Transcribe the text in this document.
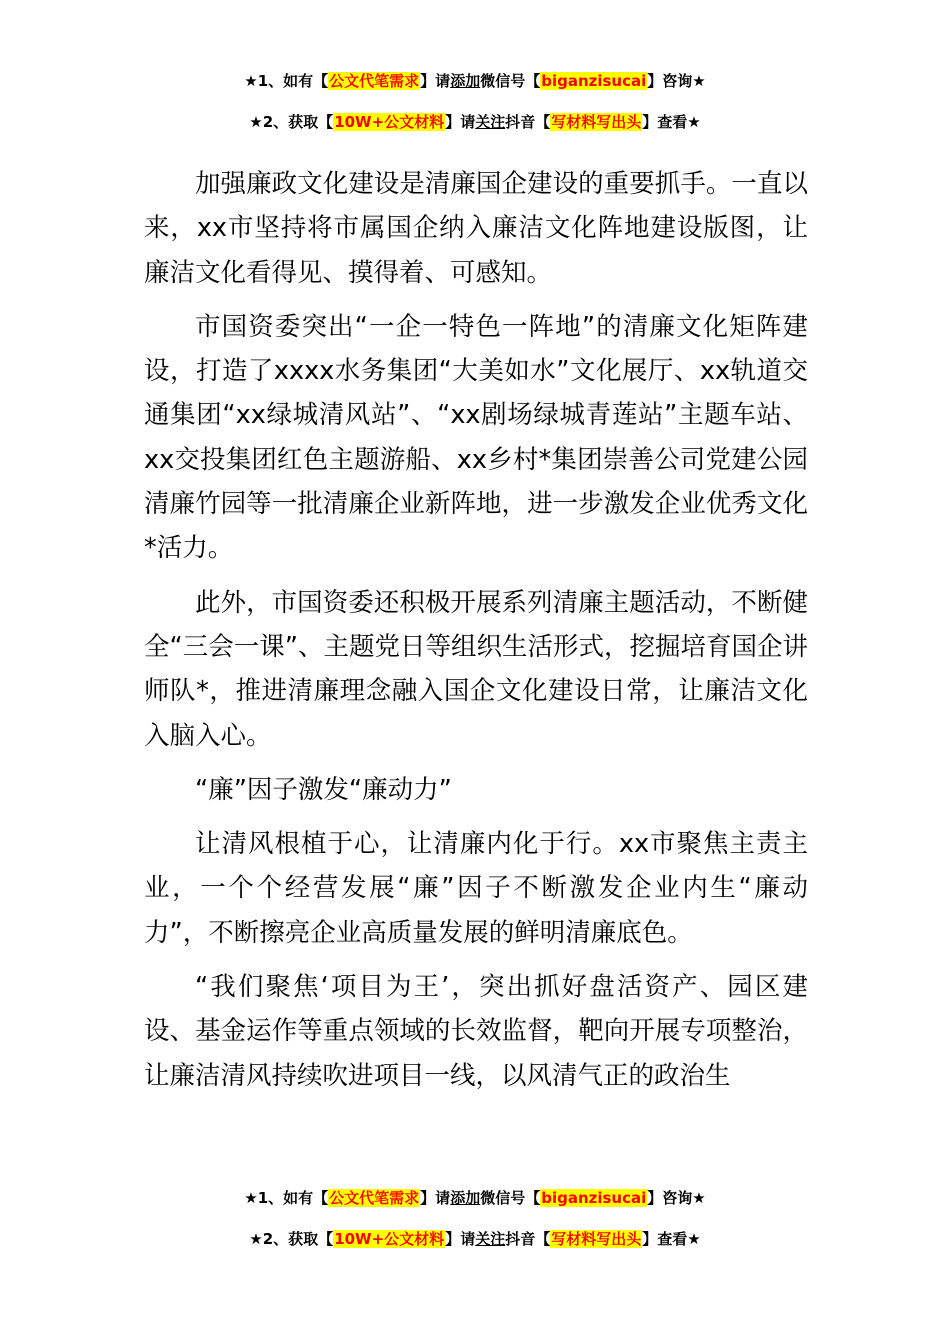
★1、如有【公文代笔需求】请添加微信号【biganzisucai】咨询★
★2、获取【10W+公文材料】请关注抖音【写材料写出头】查看★

加强廉政文化建设是清廉国企建设的重要抓手。一直以来，xx市坚持将市属国企纳入廉洁文化阵地建设版图，让廉洁文化看得见、摸得着、可感知。

市国资委突出“一企一特色一阵地”的清廉文化矩阵建设，打造了xxxx水务集团“大美如水”文化展厅、xx轨道交通集团“xx绿城清风站”、“xx剧场绿城青莲站”主题车站、xx交投集团红色主题游船、xx乡村*集团崇善公司党建公园清廉竹园等一批清廉企业新阵地，进一步激发企业优秀文化*活力。

此外，市国资委还积极开展系列清廉主题活动，不断健全“三会一课”、主题党日等组织生活形式，挖掘培育国企讲师队*，推进清廉理念融入国企文化建设日常，让廉洁文化入脑入心。

“廉”因子激发“廉动力”

让清风根植于心，让清廉内化于行。xx市聚焦主责主业，一个个经营发展“廉”因子不断激发企业内生“廉动力”，不断擦亮企业高质量发展的鲜明清廉底色。

“我们聚焦‘项目为王’，突出抓好盘活资产、园区建设、基金运作等重点领域的长效监督，靶向开展专项整治，让廉洁清风持续吹进项目一线，以风清气正的政治生

★1、如有【公文代笔需求】请添加微信号【biganzisucai】咨询★
★2、获取【10W+公文材料】请关注抖音【写材料写出头】查看★
